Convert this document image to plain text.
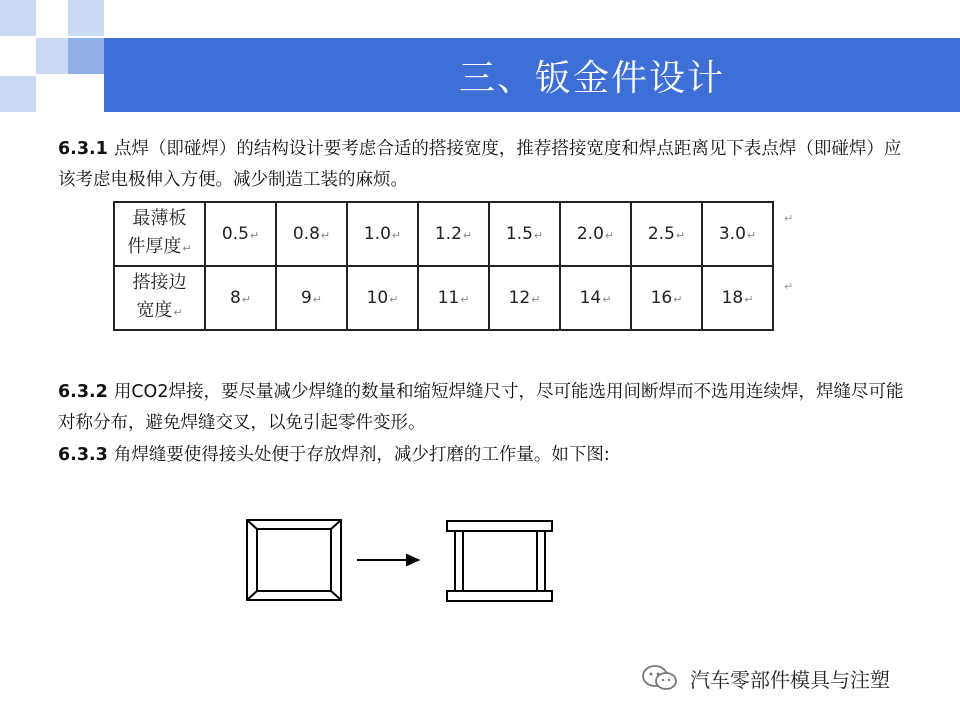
三、钣金件设计
6.3.1 点焊（即碰焊）的结构设计要考虑合适的搭接宽度，推荐搭接宽度和焊点距离见下表点焊（即碰焊）应该考虑电极伸入方便。减少制造工装的麻烦。
最薄板
件厚度↵	0.5↵	0.8↵	1.0↵	1.2↵	1.5↵	2.0↵	2.5↵	3.0↵

搭接边
宽度↵	8↵	9↵	10↵	11↵	12↵	14↵	16↵	18↵
↵
↵
6.3.2 用CO2焊接，要尽量减少焊缝的数量和缩短焊缝尺寸，尽可能选用间断焊而不选用连续焊，焊缝尽可能对称分布，避免焊缝交叉，以免引起零件变形。
6.3.3 角焊缝要使得接头处便于存放焊剂，减少打磨的工作量。如下图:
汽车零部件模具与注塑
